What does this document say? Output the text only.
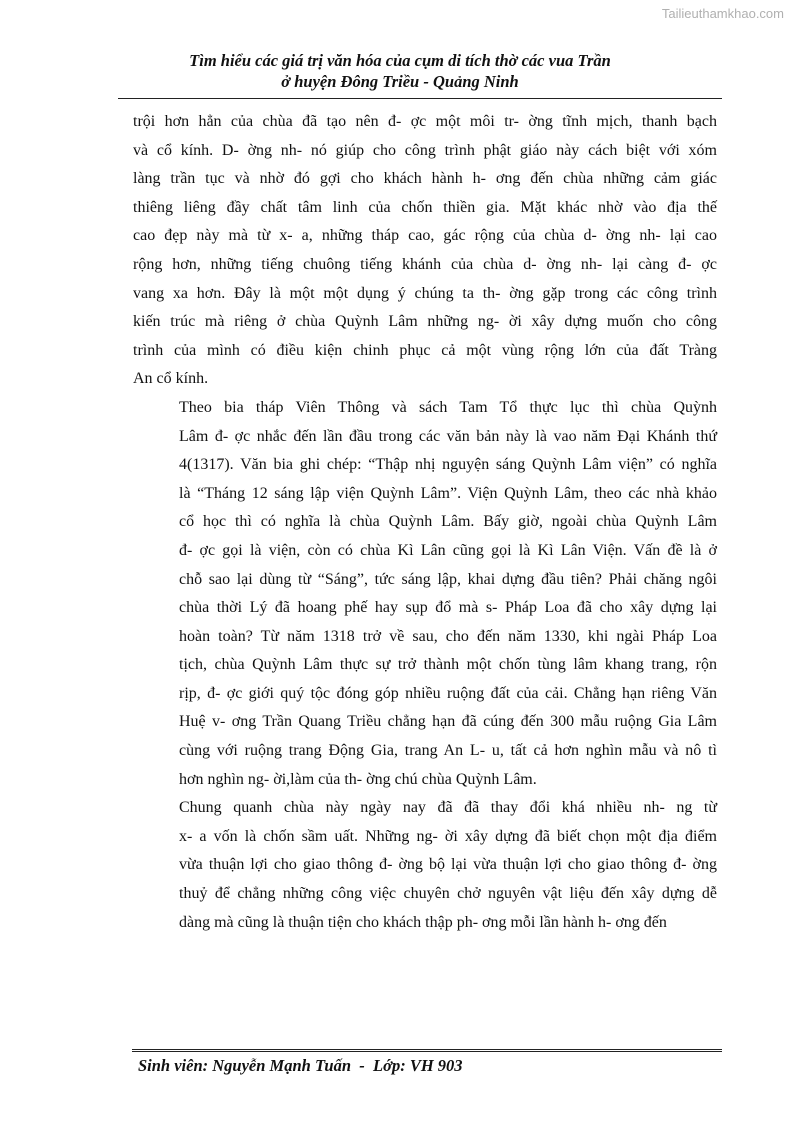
Tailieuthamkhao.com
Tìm hiểu các giá trị văn hóa của cụm di tích thờ các vua Trần
ở huyện Đông Triều - Quảng Ninh

trội hơn hẳn của chùa đã tạo nên đ- ợc một môi tr- ờng tĩnh mịch, thanh bạch
và cổ kính. D- ờng nh- nó giúp cho công trình phật giáo này cách biệt với xóm
làng trần tục và nhờ đó gợi cho khách hành h- ơng đến chùa những cảm giác
thiêng liêng đầy chất tâm linh của chốn thiền gia. Mặt khác nhờ vào địa thế
cao đẹp này mà từ x- a, những tháp cao, gác rộng của chùa d- ờng nh- lại cao
rộng hơn, những tiếng chuông tiếng khánh của chùa d- ờng nh- lại càng đ- ợc
vang xa hơn. Đây là một một dụng ý chúng ta th- ờng gặp trong các công trình
kiến trúc mà riêng ở chùa Quỳnh Lâm những ng- ời xây dựng muốn cho công
trình của mình có điều kiện chinh phục cả một vùng rộng lớn của đất Tràng
An cổ kính.

Theo bia tháp Viên Thông và sách Tam Tổ thực lục thì chùa Quỳnh
Lâm đ- ợc nhắc đến lần đầu trong các văn bản này là vao năm Đại Khánh thứ
4(1317). Văn bia ghi chép: “Thập nhị nguyện sáng Quỳnh Lâm viện” có nghĩa
là “Tháng 12 sáng lập viện Quỳnh Lâm”. Viện Quỳnh Lâm, theo các nhà khảo
cổ học thì có nghĩa là chùa Quỳnh Lâm. Bấy giờ, ngoài chùa Quỳnh Lâm
đ- ợc gọi là viện, còn có chùa Kì Lân cũng gọi là Kì Lân Viện. Vấn đề là ở
chỗ sao lại dùng từ “Sáng”, tức sáng lập, khai dựng đầu tiên? Phải chăng ngôi
chùa thời Lý đã hoang phế hay sụp đổ mà s- Pháp Loa đã cho xây dựng lại
hoàn toàn? Từ năm 1318 trở về sau, cho đến năm 1330, khi ngài Pháp Loa
tịch, chùa Quỳnh Lâm thực sự trở thành một chốn tùng lâm khang trang, rộn
rịp, đ- ợc giới quý tộc đóng góp nhiều ruộng đất của cải. Chẳng hạn riêng Văn
Huệ v- ơng Trần Quang Triều chẳng hạn đã cúng đến 300 mẫu ruộng Gia Lâm
cùng với ruộng trang Động Gia, trang An L- u, tất cả hơn nghìn mẫu và nô tì
hơn nghìn ng- ời,làm của th- ờng chú chùa Quỳnh Lâm.

Chung quanh chùa này ngày nay đã đã thay đổi khá nhiều nh- ng từ
x- a vốn là chốn sầm uất. Những ng- ời xây dựng đã biết chọn một địa điểm
vừa thuận lợi cho giao thông đ- ờng bộ lại vừa thuận lợi cho giao thông đ- ờng
thuỷ để chẳng những công việc chuyên chở nguyên vật liệu đến xây dựng dễ
dàng mà cũng là thuận tiện cho khách thập ph- ơng mỗi lần hành h- ơng đến

Sinh viên: Nguyễn Mạnh Tuấn  -  Lớp: VH 903
